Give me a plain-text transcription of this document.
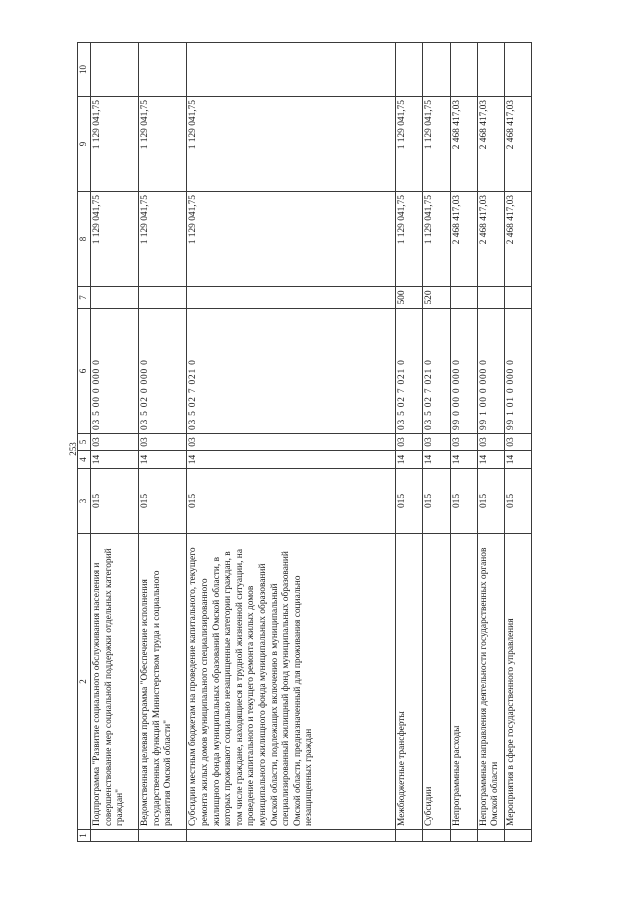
253
1	2	3	4	5	6	7	8	9	10
	Подпрограмма "Развитие социального обслуживания населения и совершенствование мер социальной поддержки отдельных категорий граждан"	015	14	03	03 5 00 0 000 0		1 129 041,75	1 129 041,75	
	Ведомственная целевая программа "Обеспечение исполнения государственных функций Министерством труда и социального развития Омской области"	015	14	03	03 5 02 0 000 0		1 129 041,75	1 129 041,75	
	Субсидии местным бюджетам на проведение капитального, текущего ремонта жилых домов муниципального специализированного жилищного фонда муниципальных образований Омской области, в которых проживают социально незащищенные категории граждан, в том числе граждане, находящиеся в трудной жизненной ситуации, на проведение капитального и текущего ремонта жилых домов муниципального жилищного фонда муниципальных образований Омской области, подлежащих включению в муниципальный специализированный жилищный фонд муниципальных образований Омской области, предназначенный для проживания социально незащищенных граждан	015	14	03	03 5 02 7 021 0		1 129 041,75	1 129 041,75	
	Межбюджетные трансферты	015	14	03	03 5 02 7 021 0	500	1 129 041,75	1 129 041,75	
	Субсидии	015	14	03	03 5 02 7 021 0	520	1 129 041,75	1 129 041,75	
	Непрограммные расходы	015	14	03	99 0 00 0 000 0		2 468 417,03	2 468 417,03	
	Непрограммные направления деятельности государственных органов Омской области	015	14	03	99 1 00 0 000 0		2 468 417,03	2 468 417,03	
	Мероприятия в сфере государственного управления	015	14	03	99 1 01 0 000 0		2 468 417,03	2 468 417,03	
